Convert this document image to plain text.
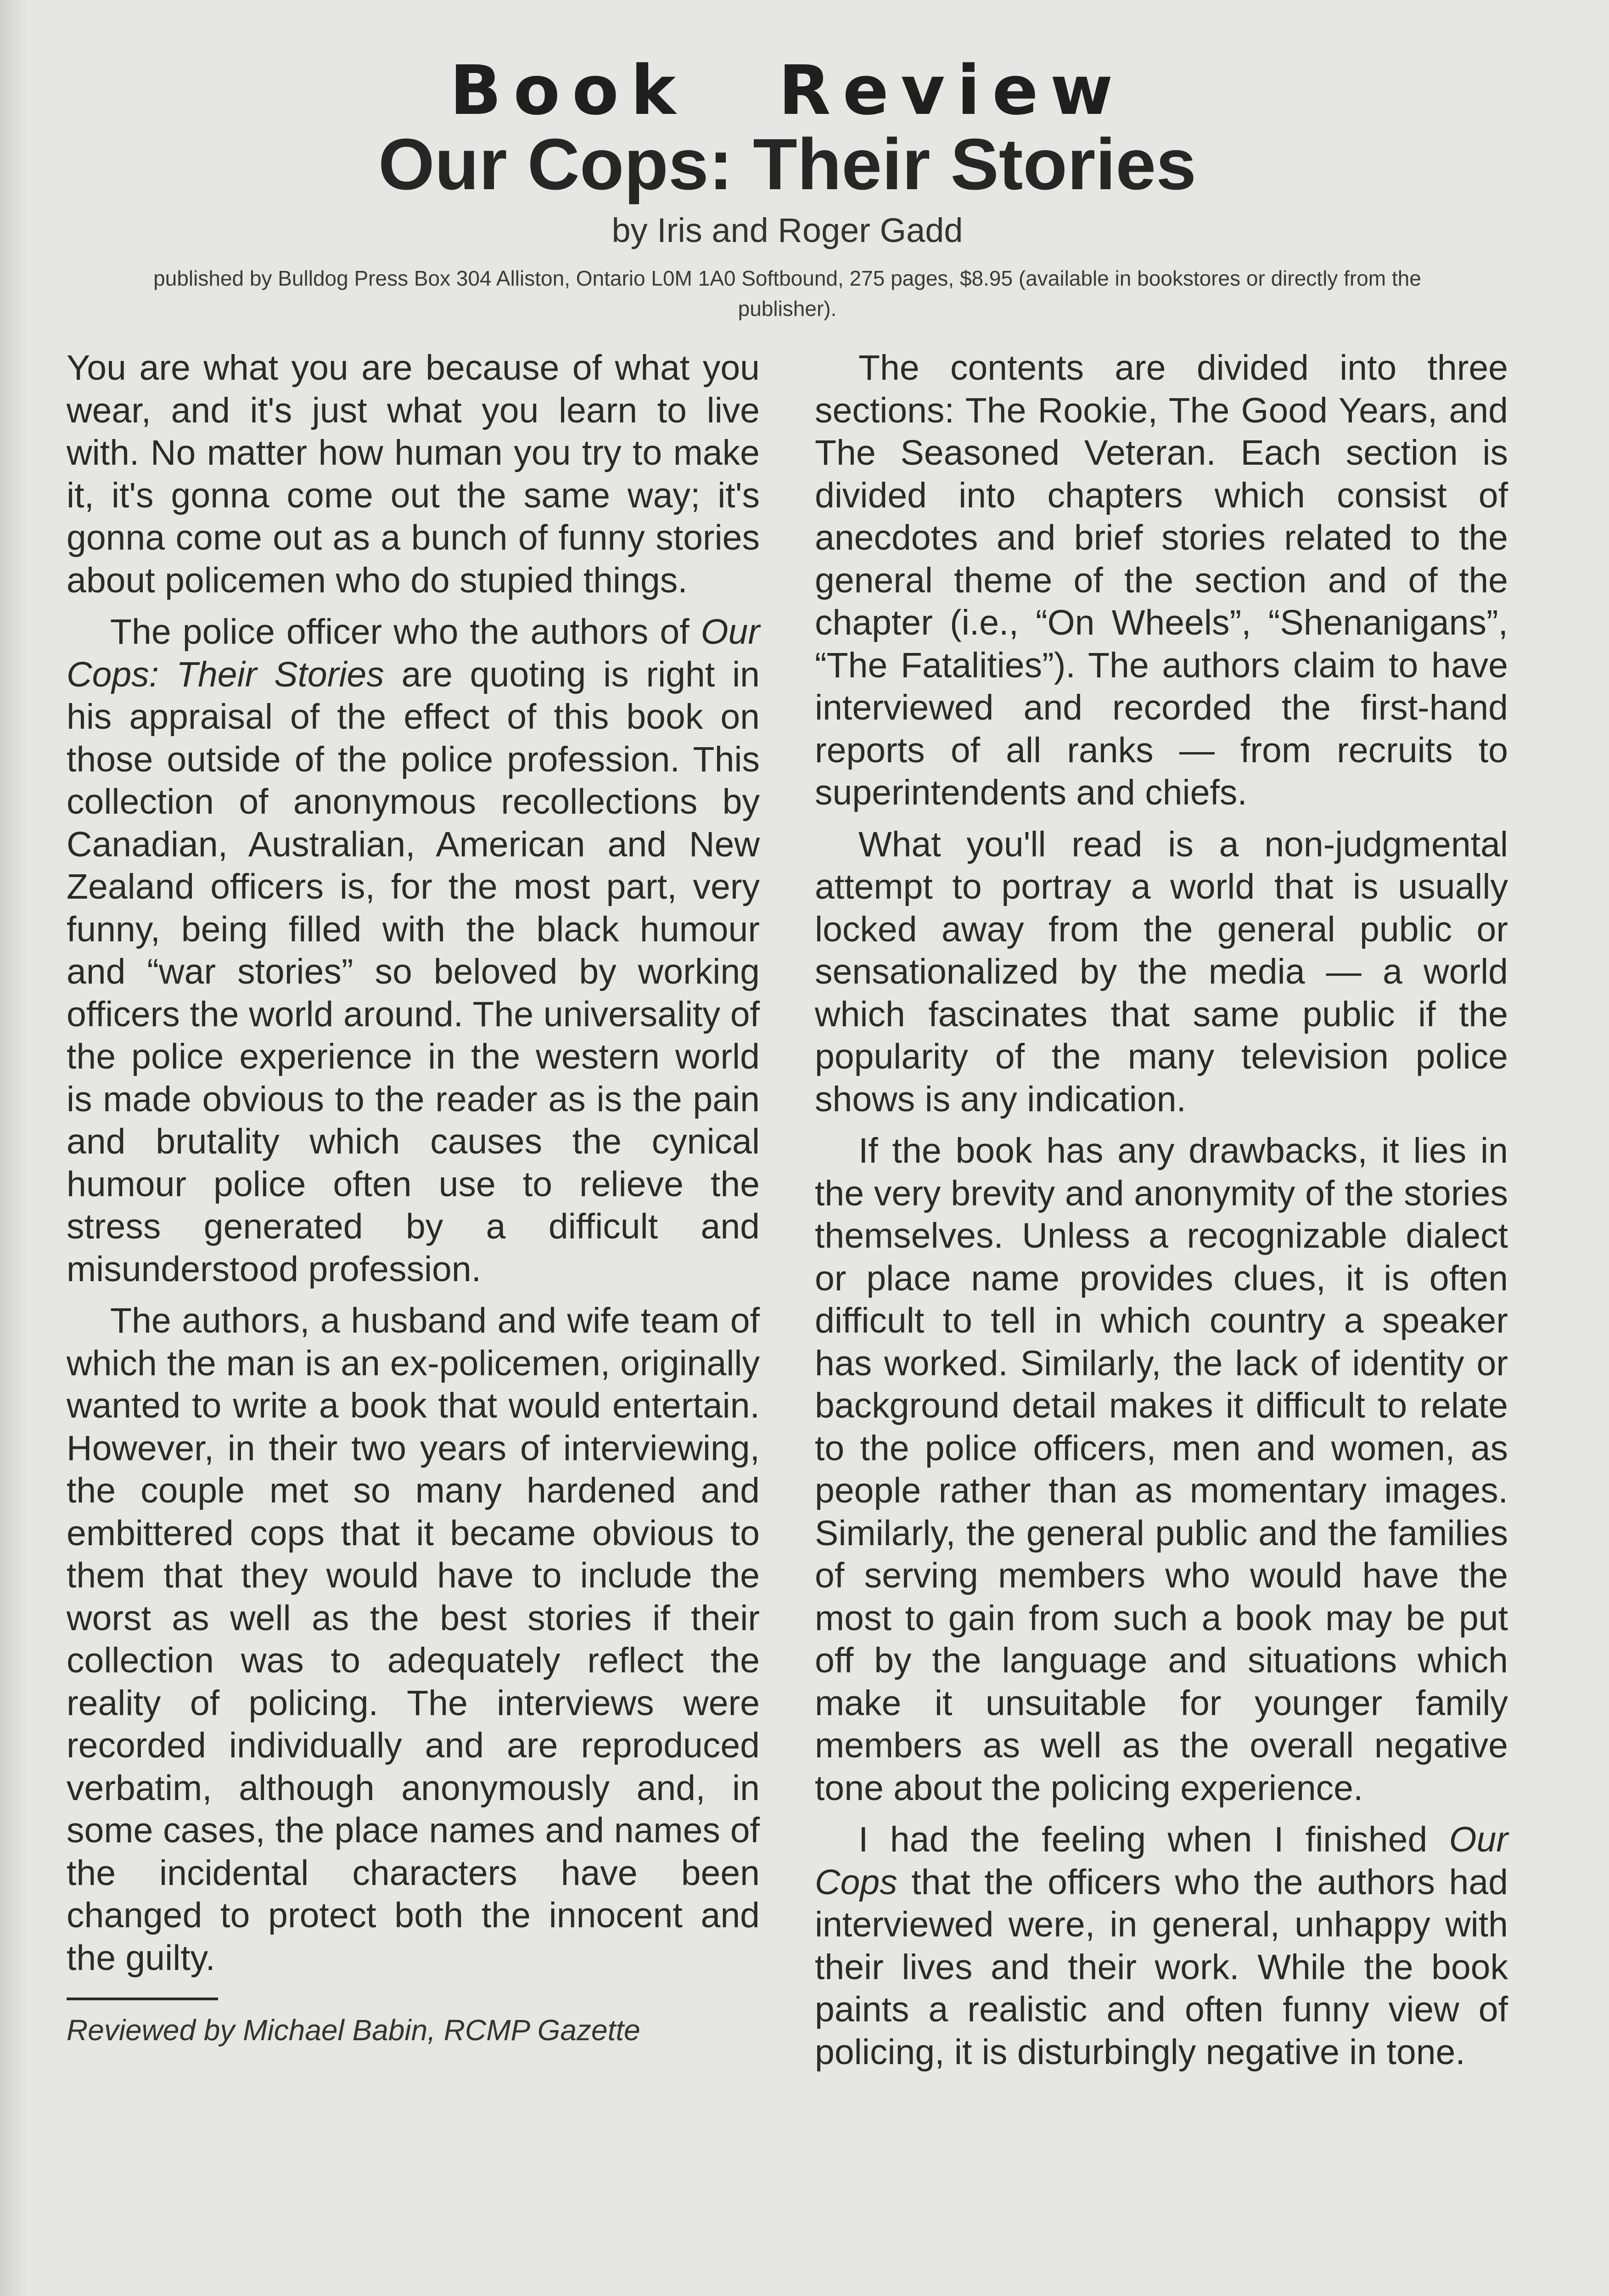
Book Review
Our Cops: Their Stories
by Iris and Roger Gadd
published by Bulldog Press Box 304 Alliston, Ontario L0M 1A0 Softbound, 275 pages, $8.95 (available in bookstores or directly from the publisher).

You are what you are because of what you wear, and it's just what you learn to live with. No matter how human you try to make it, it's gonna come out the same way; it's gonna come out as a bunch of funny stories about policemen who do stupied things.

The police officer who the authors of Our Cops: Their Stories are quoting is right in his appraisal of the effect of this book on those outside of the police profession. This collection of anonymous recollections by Canadian, Australian, American and New Zealand officers is, for the most part, very funny, being filled with the black humour and “war stories” so beloved by working officers the world around. The universality of the police experience in the western world is made obvious to the reader as is the pain and brutality which causes the cynical humour police often use to relieve the stress generated by a difficult and misunderstood profession.

The authors, a husband and wife team of which the man is an ex-policemen, originally wanted to write a book that would entertain. However, in their two years of interviewing, the couple met so many hardened and embittered cops that it became obvious to them that they would have to include the worst as well as the best stories if their collection was to adequately reflect the reality of policing. The interviews were recorded individually and are reproduced verbatim, although anonymously and, in some cases, the place names and names of the incidental characters have been changed to protect both the innocent and the guilty.

Reviewed by Michael Babin, RCMP Gazette

The contents are divided into three sections: The Rookie, The Good Years, and The Seasoned Veteran. Each section is divided into chapters which consist of anecdotes and brief stories related to the general theme of the section and of the chapter (i.e., “On Wheels”, “Shenanigans”, “The Fatalities”). The authors claim to have interviewed and recorded the first-hand reports of all ranks — from recruits to superintendents and chiefs.

What you'll read is a non-judgmental attempt to portray a world that is usually locked away from the general public or sensationalized by the media — a world which fascinates that same public if the popularity of the many television police shows is any indication.

If the book has any drawbacks, it lies in the very brevity and anonymity of the stories themselves. Unless a recognizable dialect or place name provides clues, it is often difficult to tell in which country a speaker has worked. Similarly, the lack of identity or background detail makes it difficult to relate to the police officers, men and women, as people rather than as momentary images. Similarly, the general public and the families of serving members who would have the most to gain from such a book may be put off by the language and situations which make it unsuitable for younger family members as well as the overall negative tone about the policing experience.

I had the feeling when I finished Our Cops that the officers who the authors had interviewed were, in general, unhappy with their lives and their work. While the book paints a realistic and often funny view of policing, it is disturbingly negative in tone.
